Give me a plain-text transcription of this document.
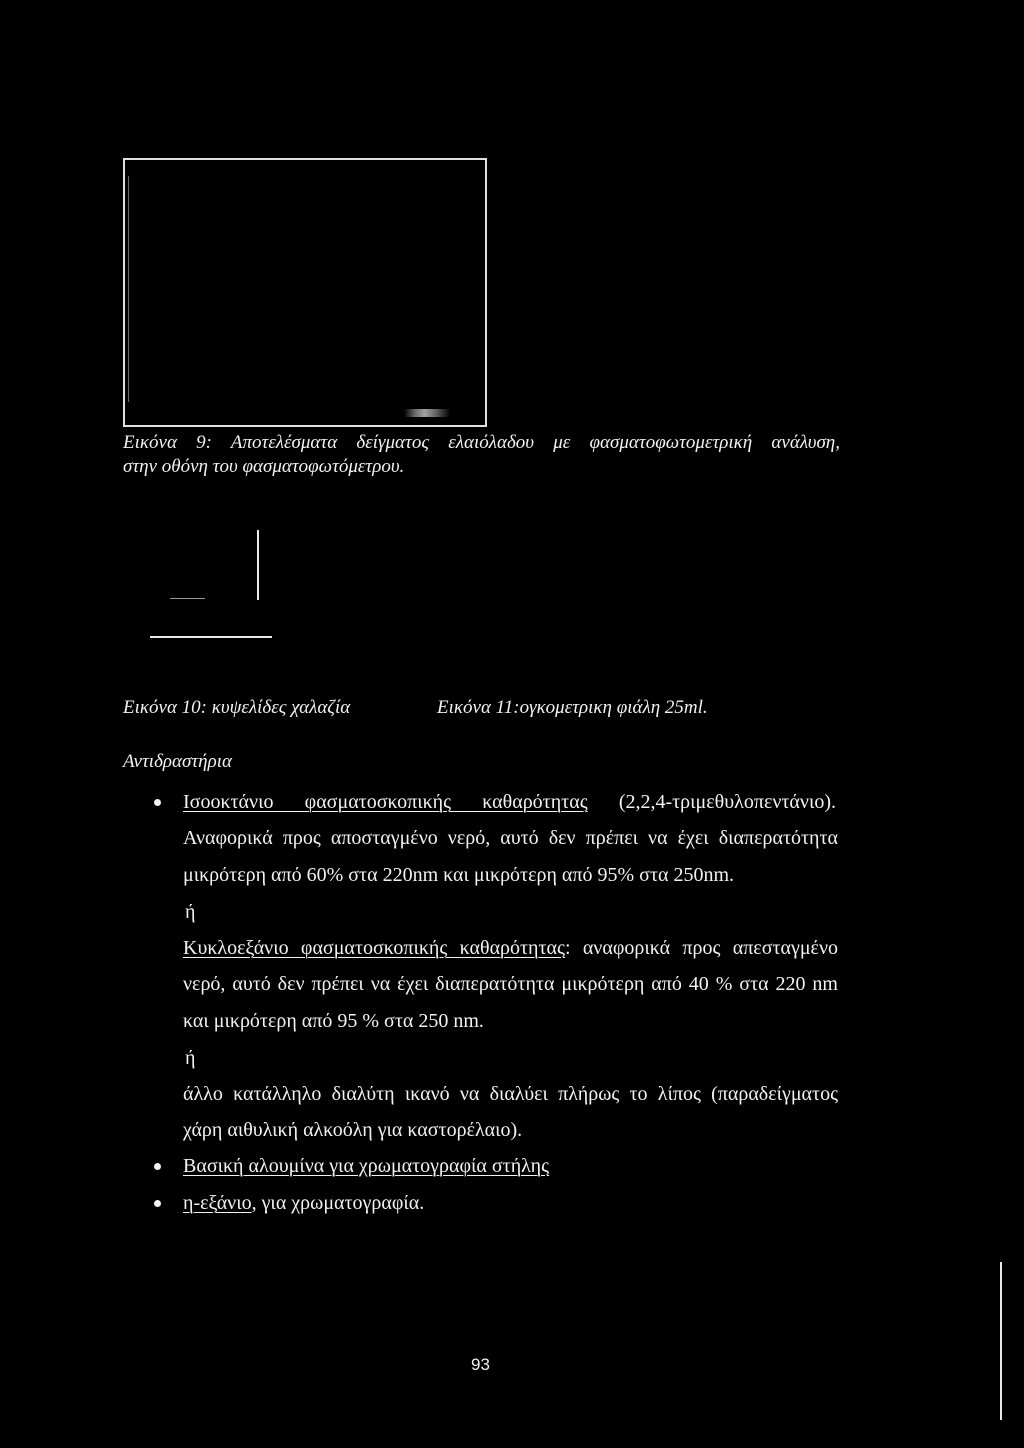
Εικόνα 9: Αποτελέσματα δείγματος ελαιόλαδου με φασματοφωτομετρική ανάλυση,
στην οθόνη του φασματοφωτόμετρου.
Εικόνα 10: κυψελίδες χαλαζία	Εικόνα 11:ογκομετρικη φιάλη 25ml.
Αντιδραστήρια
Ισοοκτάνιο φασματοσκοπικής καθαρότητας (2,2,4-τριμεθυλοπεντάνιο).
Αναφορικά προς αποσταγμένο νερό, αυτό δεν πρέπει να έχει διαπερατότητα
μικρότερη από 60% στα 220nm και μικρότερη από 95% στα 250nm.
ή
Κυκλοεξάνιο φασματοσκοπικής καθαρότητας: αναφορικά προς απεσταγμένο
νερό, αυτό δεν πρέπει να έχει διαπερατότητα μικρότερη από 40 % στα 220 nm
και μικρότερη από 95 % στα 250 nm.
ή
άλλο κατάλληλο διαλύτη ικανό να διαλύει πλήρως το λίπος (παραδείγματος
χάρη αιθυλική αλκοόλη για καστορέλαιο).
Βασική αλουμίνα για χρωματογραφία στήλης
η-εξάνιο, για χρωματογραφία.
93
